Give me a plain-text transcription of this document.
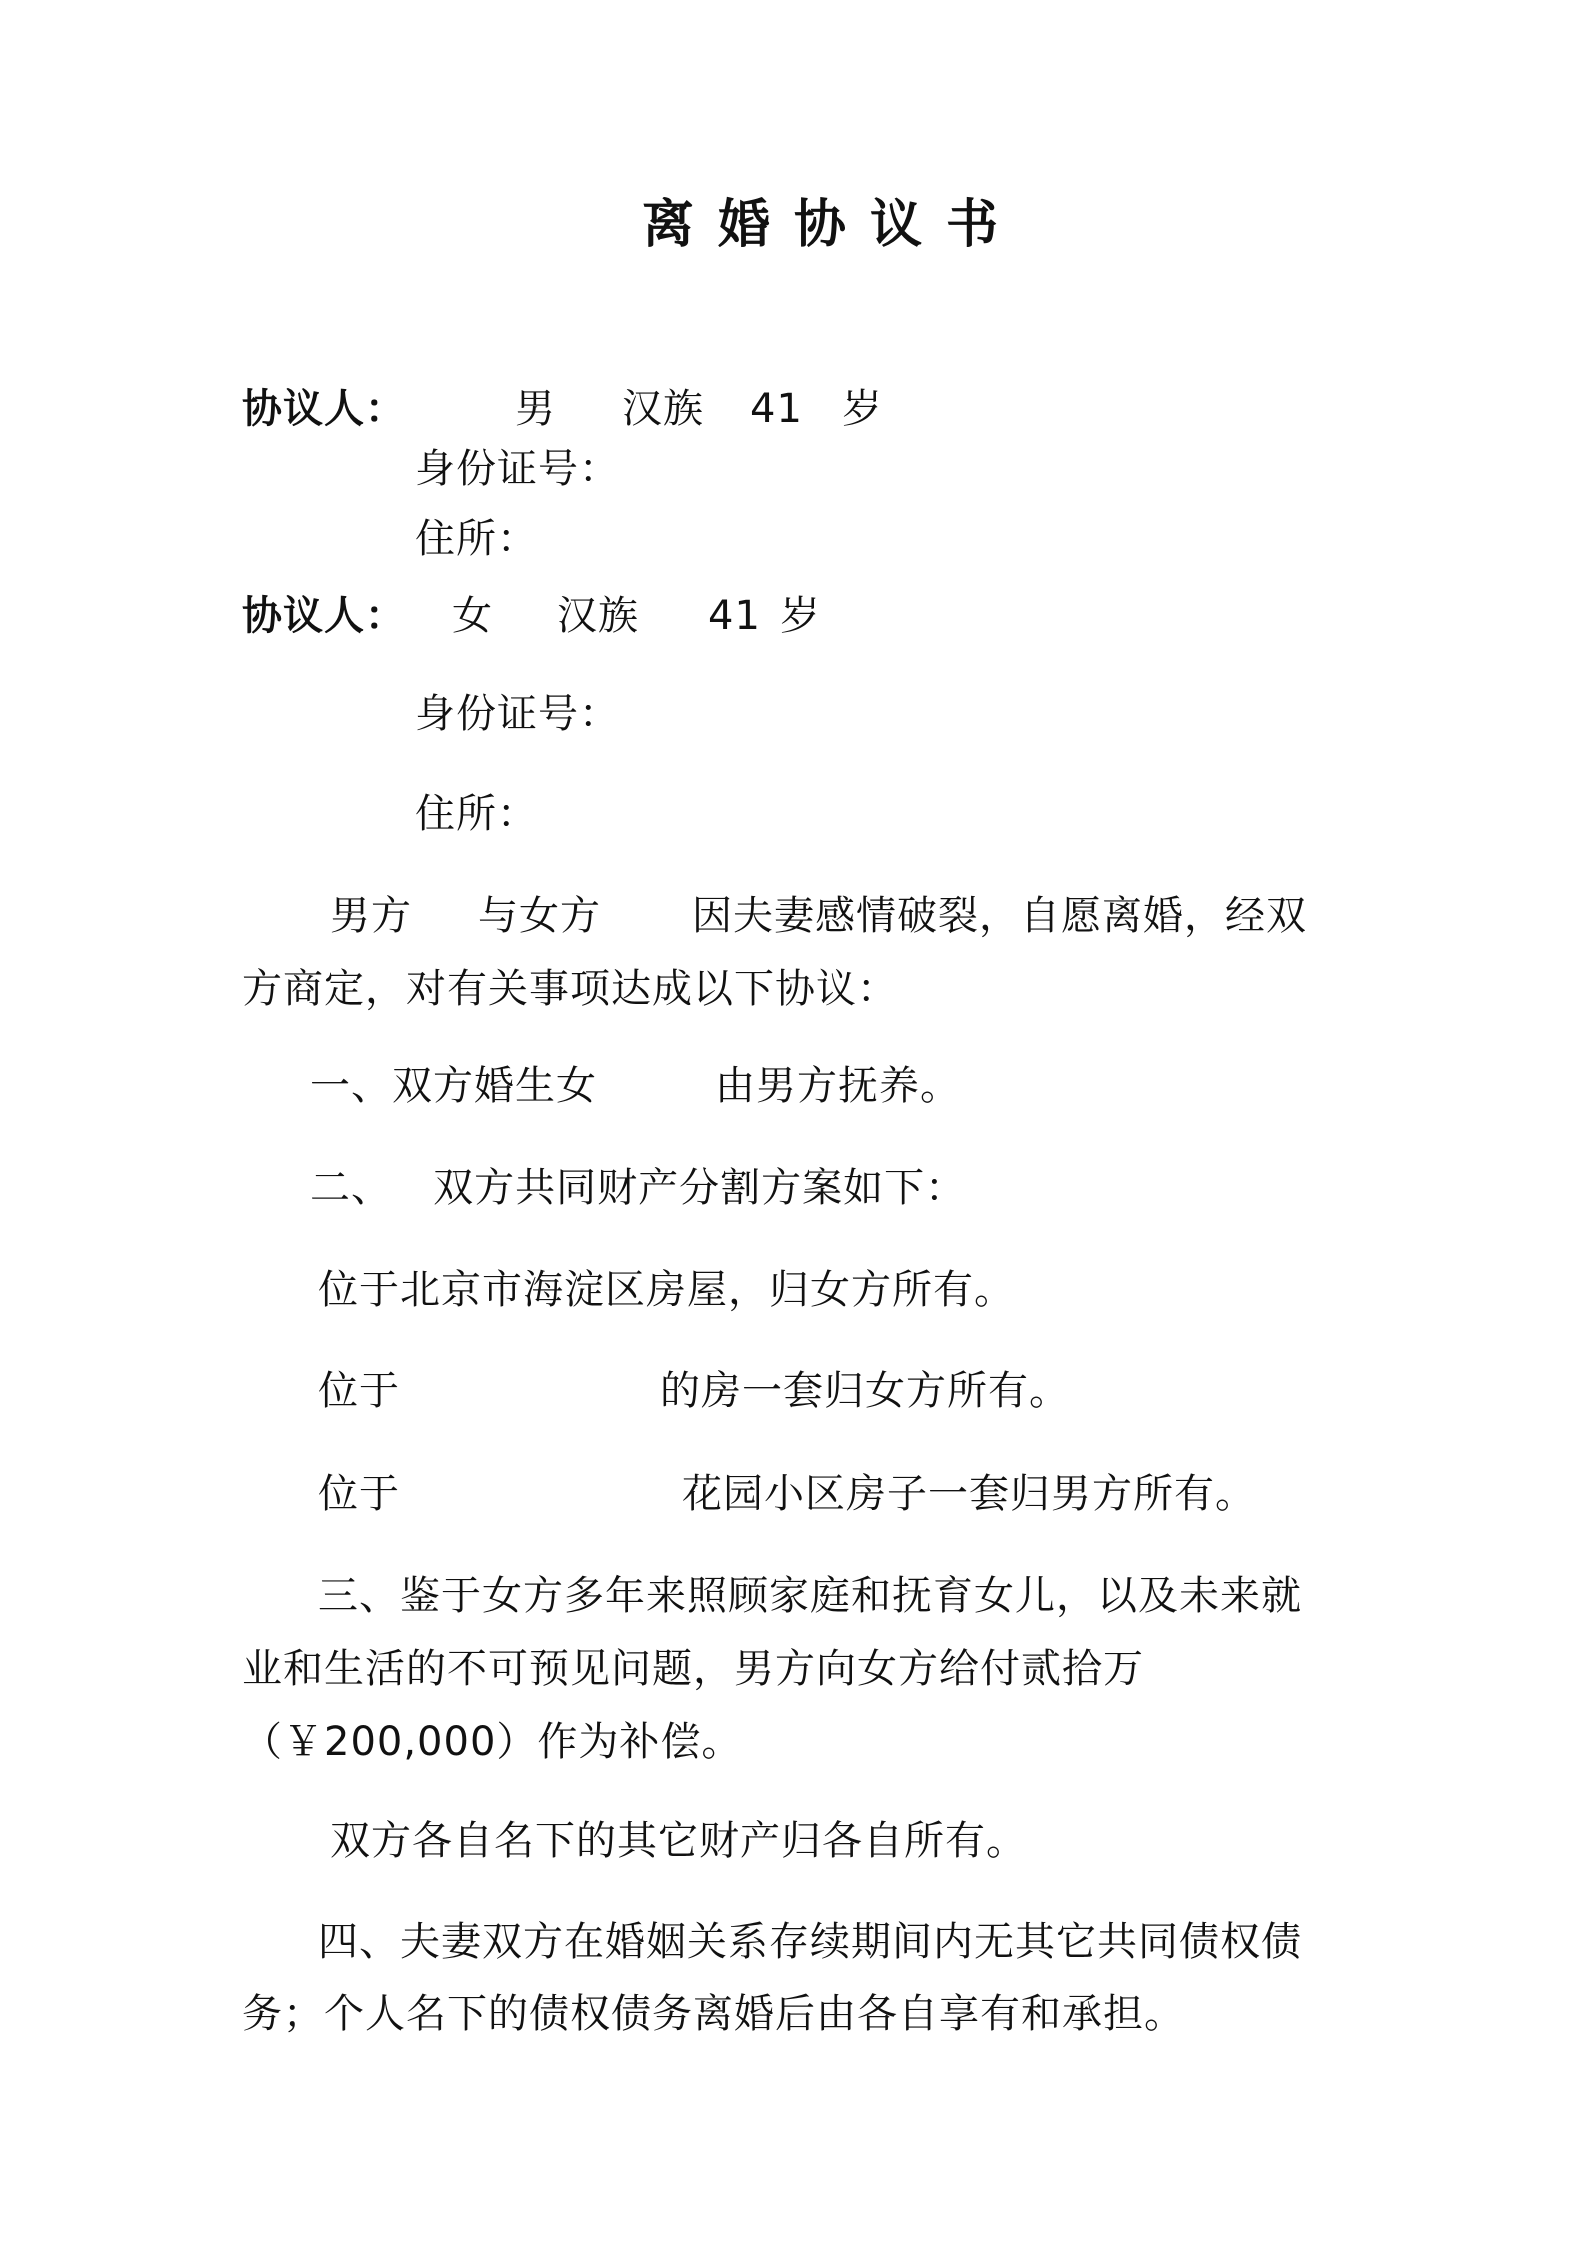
离婚协议书
协议人：	男 汉族 41 岁
身份证号：
住所：
协议人： 女 汉族 41 岁
身份证号：
住所：
男方 与女方 因夫妻感情破裂，自愿离婚，经双
方商定，对有关事项达成以下协议：
一、双方婚生女	由男方抚养。
二、   双方共同财产分割方案如下：
位于北京市海淀区房屋，归女方所有。
位于	的房一套归女方所有。
位于	花园小区房子一套归男方所有。
三、鉴于女方多年来照顾家庭和抚育女儿，以及未来就
业和生活的不可预见问题，男方向女方给付贰拾万
（￥200,000）作为补偿。
双方各自名下的其它财产归各自所有。
四、夫妻双方在婚姻关系存续期间内无其它共同债权债
务；个人名下的债权债务离婚后由各自享有和承担。
